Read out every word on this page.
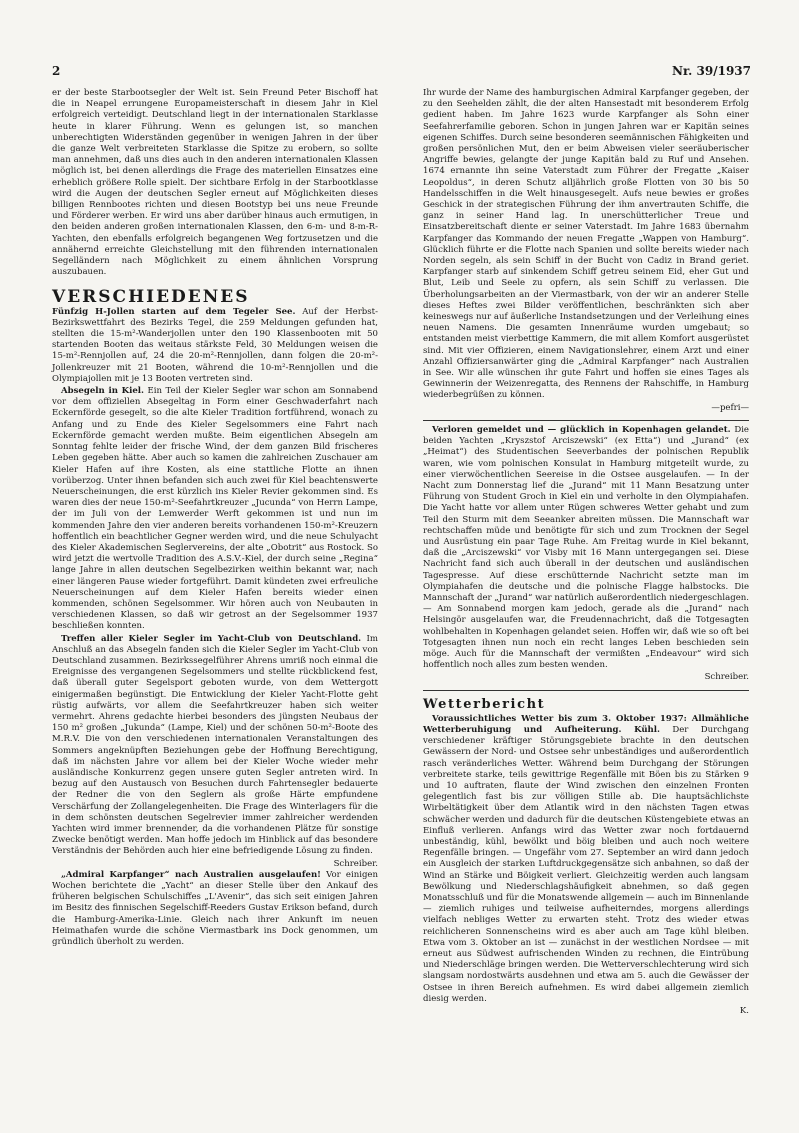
2	Nr. 39/1937

er der beste Starbootsegler der Welt ist. Sein Freund Peter Bischoff hat die in Neapel errungene Europameisterschaft in diesem Jahr in Kiel erfolgreich verteidigt. Deutschland liegt in der internationalen Starklasse heute in klarer Führung. Wenn es gelungen ist, so manchen unberechtigten Widerständen gegenüber in wenigen Jahren in der über die ganze Welt verbreiteten Starklasse die Spitze zu erobern, so sollte man annehmen, daß uns dies auch in den anderen internationalen Klassen möglich ist, bei denen allerdings die Frage des materiellen Einsatzes eine erheblich größere Rolle spielt. Der sichtbare Erfolg in der Starbootklasse wird die Augen der deutschen Segler erneut auf Möglichkeiten dieses billigen Rennbootes richten und diesen Bootstyp bei uns neue Freunde und Förderer werben. Er wird uns aber darüber hinaus auch ermutigen, in den beiden anderen großen internationalen Klassen, den 6-m- und 8-m-R-Yachten, den ebenfalls erfolgreich begangenen Weg fortzusetzen und die annähernd erreichte Gleichstellung mit den führenden internationalen Segelländern nach Möglichkeit zu einem ähnlichen Vorsprung auszubauen.

VERSCHIEDENES

Fünfzig H-Jollen starten auf dem Tegeler See. Auf der Herbst-Bezirkswettfahrt des Bezirks Tegel, die 259 Meldungen gefunden hat, stellten die 15-m²-Wanderjollen unter den 190 Klassenbooten mit 50 startenden Booten das weitaus stärkste Feld, 30 Meldungen weisen die 15-m²-Rennjollen auf, 24 die 20-m²-Rennjollen, dann folgen die 20-m²-Jollenkreuzer mit 21 Booten, während die 10-m²-Rennjollen und die Olympiajollen mit je 13 Booten vertreten sind.

Absegeln in Kiel. Ein Teil der Kieler Segler war schon am Sonnabend vor dem offiziellen Absegeltag in Form einer Geschwaderfahrt nach Eckernförde gesegelt, so die alte Kieler Tradition fortführend, wonach zu Anfang und zu Ende des Kieler Segelsommers eine Fahrt nach Eckernförde gemacht werden mußte. Beim eigentlichen Absegeln am Sonntag fehlte leider der frische Wind, der dem ganzen Bild frischeres Leben gegeben hätte. Aber auch so kamen die zahlreichen Zuschauer am Kieler Hafen auf ihre Kosten, als eine stattliche Flotte an ihnen vorüberzog. Unter ihnen befanden sich auch zwei für Kiel beachtenswerte Neuerscheinungen, die erst kürzlich ins Kieler Revier gekommen sind. Es waren dies der neue 150-m²-Seefahrtkreuzer „Jucunda“ von Herrn Lampe, der im Juli von der Lemwerder Werft gekommen ist und nun im kommenden Jahre den vier anderen bereits vorhandenen 150-m²-Kreuzern hoffentlich ein beachtlicher Gegner werden wird, und die neue Schulyacht des Kieler Akademischen Seglervereins, der alte „Obotrit“ aus Rostock. So wird jetzt die wertvolle Tradition des A.S.V.-Kiel, der durch seine „Regina“ lange Jahre in allen deutschen Segelbezirken weithin bekannt war, nach einer längeren Pause wieder fortgeführt. Damit kündeten zwei erfreuliche Neuerscheinungen auf dem Kieler Hafen bereits wieder einen kommenden, schönen Segelsommer. Wir hören auch von Neubauten in verschiedenen Klassen, so daß wir getrost an der Segelsommer 1937 beschließen konnten.

Treffen aller Kieler Segler im Yacht-Club von Deutschland. Im Anschluß an das Absegeln fanden sich die Kieler Segler im Yacht-Club von Deutschland zusammen. Bezirkssegelführer Ahrens umriß noch einmal die Ereignisse des vergangenen Segelsommers und stellte rückblickend fest, daß überall guter Segelsport geboten wurde, von dem Wettergott einigermaßen begünstigt. Die Entwicklung der Kieler Yacht-Flotte geht rüstig aufwärts, vor allem die Seefahrtkreuzer haben sich weiter vermehrt. Ahrens gedachte hierbei besonders des jüngsten Neubaus der 150 m² großen „Jukunda“ (Lampe, Kiel) und der schönen 50-m²-Boote des M.R.V. Die von den verschiedenen internationalen Veranstaltungen des Sommers angeknüpften Beziehungen gebe der Hoffnung Berechtigung, daß im nächsten Jahre vor allem bei der Kieler Woche wieder mehr ausländische Konkurrenz gegen unsere guten Segler antreten wird. In bezug auf den Austausch von Besuchen durch Fahrtensegler bedauerte der Redner die von den Seglern als große Härte empfundene Verschärfung der Zollangelegenheiten. Die Frage des Winterlagers für die in dem schönsten deutschen Segelrevier immer zahlreicher werdenden Yachten wird immer brennender, da die vorhandenen Plätze für sonstige Zwecke benötigt werden. Man hoffe jedoch im Hinblick auf das besondere Verständnis der Behörden auch hier eine befriedigende Lösung zu finden.

Schreiber.

„Admiral Karpfanger“ nach Australien ausgelaufen! Vor einigen Wochen berichtete die „Yacht“ an dieser Stelle über den Ankauf des früheren belgischen Schulschiffes „L'Avenir“, das sich seit einigen Jahren im Besitz des finnischen Segelschiff-Reeders Gustav Erikson befand, durch die Hamburg-Amerika-Linie. Gleich nach ihrer Ankunft im neuen Heimathafen wurde die schöne Viermastbark ins Dock genommen, um gründlich überholt zu werden.

Ihr wurde der Name des hamburgischen Admiral Karpfanger gegeben, der zu den Seehelden zählt, die der alten Hansestadt mit besonderem Erfolg gedient haben. Im Jahre 1623 wurde Karpfanger als Sohn einer Seefahrerfamilie geboren. Schon in jungen Jahren war er Kapitän seines eigenen Schiffes. Durch seine besonderen seemännischen Fähigkeiten und großen persönlichen Mut, den er beim Abweisen vieler seeräuberischer Angriffe bewies, gelangte der junge Kapitän bald zu Ruf und Ansehen. 1674 ernannte ihn seine Vaterstadt zum Führer der Fregatte „Kaiser Leopoldus“, in deren Schutz alljährlich große Flotten von 30 bis 50 Handelsschiffen in die Welt hinausgesegelt. Aufs neue bewies er großes Geschick in der strategischen Führung der ihm anvertrauten Schiffe, die ganz in seiner Hand lag. In unerschütterlicher Treue und Einsatzbereitschaft diente er seiner Vaterstadt. Im Jahre 1683 übernahm Karpfanger das Kommando der neuen Fregatte „Wappen von Hamburg“. Glücklich führte er die Flotte nach Spanien und sollte bereits wieder nach Norden segeln, als sein Schiff in der Bucht von Cadiz in Brand geriet. Karpfanger starb auf sinkendem Schiff getreu seinem Eid, eher Gut und Blut, Leib und Seele zu opfern, als sein Schiff zu verlassen. Die Überholungsarbeiten an der Viermastbark, von der wir an anderer Stelle dieses Heftes zwei Bilder veröffentlichen, beschränkten sich aber keineswegs nur auf äußerliche Instandsetzungen und der Verleihung eines neuen Namens. Die gesamten Innenräume wurden umgebaut; so entstanden meist vierbettige Kammern, die mit allem Komfort ausgerüstet sind. Mit vier Offizieren, einem Navigationslehrer, einem Arzt und einer Anzahl Offiziersanwärter ging die „Admiral Karpfanger“ nach Australien in See. Wir alle wünschen ihr gute Fahrt und hoffen sie eines Tages als Gewinnerin der Weizenregatta, des Rennens der Rahschiffe, in Hamburg wiederbegrüßen zu können.

—pefri—

Verloren gemeldet und — glücklich in Kopenhagen gelandet. Die beiden Yachten „Kryszstof Arciszewski“ (ex Etta“) und „Jurand“ (ex „Heimat“) des Studentischen Seeverbandes der polnischen Republik waren, wie vom polnischen Konsulat in Hamburg mitgeteilt wurde, zu einer vierwöchentlichen Seereise in die Ostsee ausgelaufen. — In der Nacht zum Donnerstag lief die „Jurand“ mit 11 Mann Besatzung unter Führung von Student Groch in Kiel ein und verholte in den Olympiahafen. Die Yacht hatte vor allem unter Rügen schweres Wetter gehabt und zum Teil den Sturm mit dem Seeanker abreiten müssen. Die Mannschaft war rechtschaffen müde und benötigte für sich und zum Trocknen der Segel und Ausrüstung ein paar Tage Ruhe. Am Freitag wurde in Kiel bekannt, daß die „Arciszewski“ vor Visby mit 16 Mann untergegangen sei. Diese Nachricht fand sich auch überall in der deutschen und ausländischen Tagespresse. Auf diese erschütternde Nachricht setzte man im Olympiahafen die deutsche und die polnische Flagge halbstocks. Die Mannschaft der „Jurand“ war natürlich außerordentlich niedergeschlagen. — Am Sonnabend morgen kam jedoch, gerade als die „Jurand“ nach Helsingör ausgelaufen war, die Freudennachricht, daß die Totgesagten wohlbehalten in Kopenhagen gelandet seien. Hoffen wir, daß wie so oft bei Totgesagten ihnen nun noch ein recht langes Leben beschieden sein möge. Auch für die Mannschaft der vermißten „Endeavour“ wird sich hoffentlich noch alles zum besten wenden.

Schreiber.
Wetterbericht

Voraussichtliches Wetter bis zum 3. Oktober 1937: Allmähliche Wetterberuhigung und Aufheiterung. Kühl. Der Durchgang verschiedener kräftiger Störungsgebiete brachte in den deutschen Gewässern der Nord- und Ostsee sehr unbeständiges und außerordentlich rasch veränderliches Wetter. Während beim Durchgang der Störungen verbreitete starke, teils gewittrige Regenfälle mit Böen bis zu Stärken 9 und 10 auftraten, flaute der Wind zwischen den einzelnen Fronten gelegentlich fast bis zur völligen Stille ab. Die hauptsächlichste Wirbeltätigkeit über dem Atlantik wird in den nächsten Tagen etwas schwächer werden und dadurch für die deutschen Küstengebiete etwas an Einfluß verlieren. Anfangs wird das Wetter zwar noch fortdauernd unbeständig, kühl, bewölkt und böig bleiben und auch noch weitere Regenfälle bringen. — Ungefähr vom 27. September an wird dann jedoch ein Ausgleich der starken Luftdruckgegensätze sich anbahnen, so daß der Wind an Stärke und Böigkeit verliert. Gleichzeitig werden auch langsam Bewölkung und Niederschlagshäufigkeit abnehmen, so daß gegen Monatsschluß und für die Monatswende allgemein — auch im Binnenlande — ziemlich ruhiges und teilweise aufheiterndes, morgens allerdings vielfach nebliges Wetter zu erwarten steht. Trotz des wieder etwas reichlicheren Sonnenscheins wird es aber auch am Tage kühl bleiben. Etwa vom 3. Oktober an ist — zunächst in der westlichen Nordsee — mit erneut aus Südwest aufrischenden Winden zu rechnen, die Eintrübung und Niederschläge bringen werden. Die Wetterverschlechterung wird sich slangsam nordostwärts ausdehnen und etwa am 5. auch die Gewässer der Ostsee in ihren Bereich aufnehmen. Es wird dabei allgemein ziemlich diesig werden.

K.
